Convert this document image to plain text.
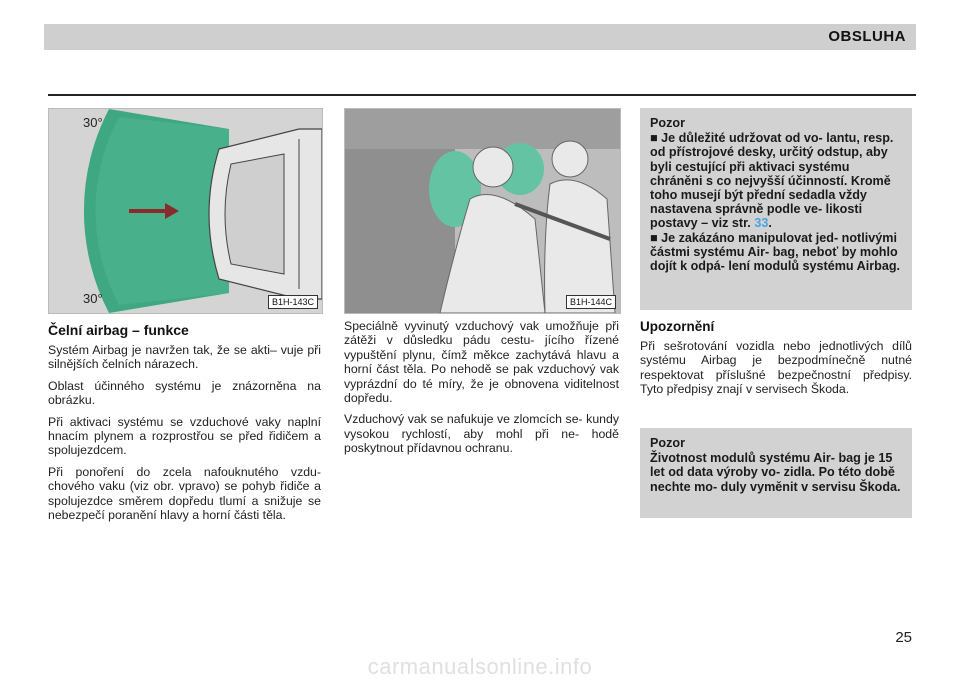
OBSLUHA
30°
30°	B1H-143C	B1H-144C
Čelní airbag – funkce

Systém Airbag je navržen tak, že se akti– vuje při silnějších čelních nárazech.

Oblast účinného systému je znázorněna na obrázku.

Při aktivaci systému se vzduchové vaky naplní hnacím plynem a rozprostřou se před řidičem a spolujezdcem.

Při ponoření do zcela nafouknutého vzdu- chového vaku (viz obr. vpravo) se pohyb řidiče a spolujezdce směrem dopředu tlumí a snižuje se nebezpečí poranění hlavy a horní části těla.

Speciálně vyvinutý vzduchový vak umožňuje při zátěži v důsledku pádu cestu- jícího řízené vypuštění plynu, čímž měkce zachytává hlavu a horní část těla. Po nehodě se pak vzduchový vak vyprázdní do té míry, že je obnovena viditelnost dopředu.

Vzduchový vak se nafukuje ve zlomcích se- kundy vysokou rychlostí, aby mohl při ne- hodě poskytnout přídavnou ochranu.

Pozor
■ Je důležité udržovat od vo- lantu, resp. od přístrojové desky, určitý odstup, aby byli cestující při aktivaci systému chráněni s co nejvyšší účinností. Kromě toho musejí být přední sedadla vždy nastavena správně podle ve- likosti postavy – viz str. 33.
■ Je zakázáno manipulovat jed- notlivými částmi systému Air- bag, neboť by mohlo dojít k odpá- lení modulů systému Airbag.
Upozornění
Při sešrotování vozidla nebo jednotlivých dílů systému Airbag je bezpodmínečně nutné respektovat příslušné bezpečnostní předpisy. Tyto předpisy znají v servisech Škoda.
Pozor
Životnost modulů systému Air- bag je 15 let od data výroby vo- zidla. Po této době nechte mo- duly vyměnit v servisu Škoda.
25
carmanualsonline.info
